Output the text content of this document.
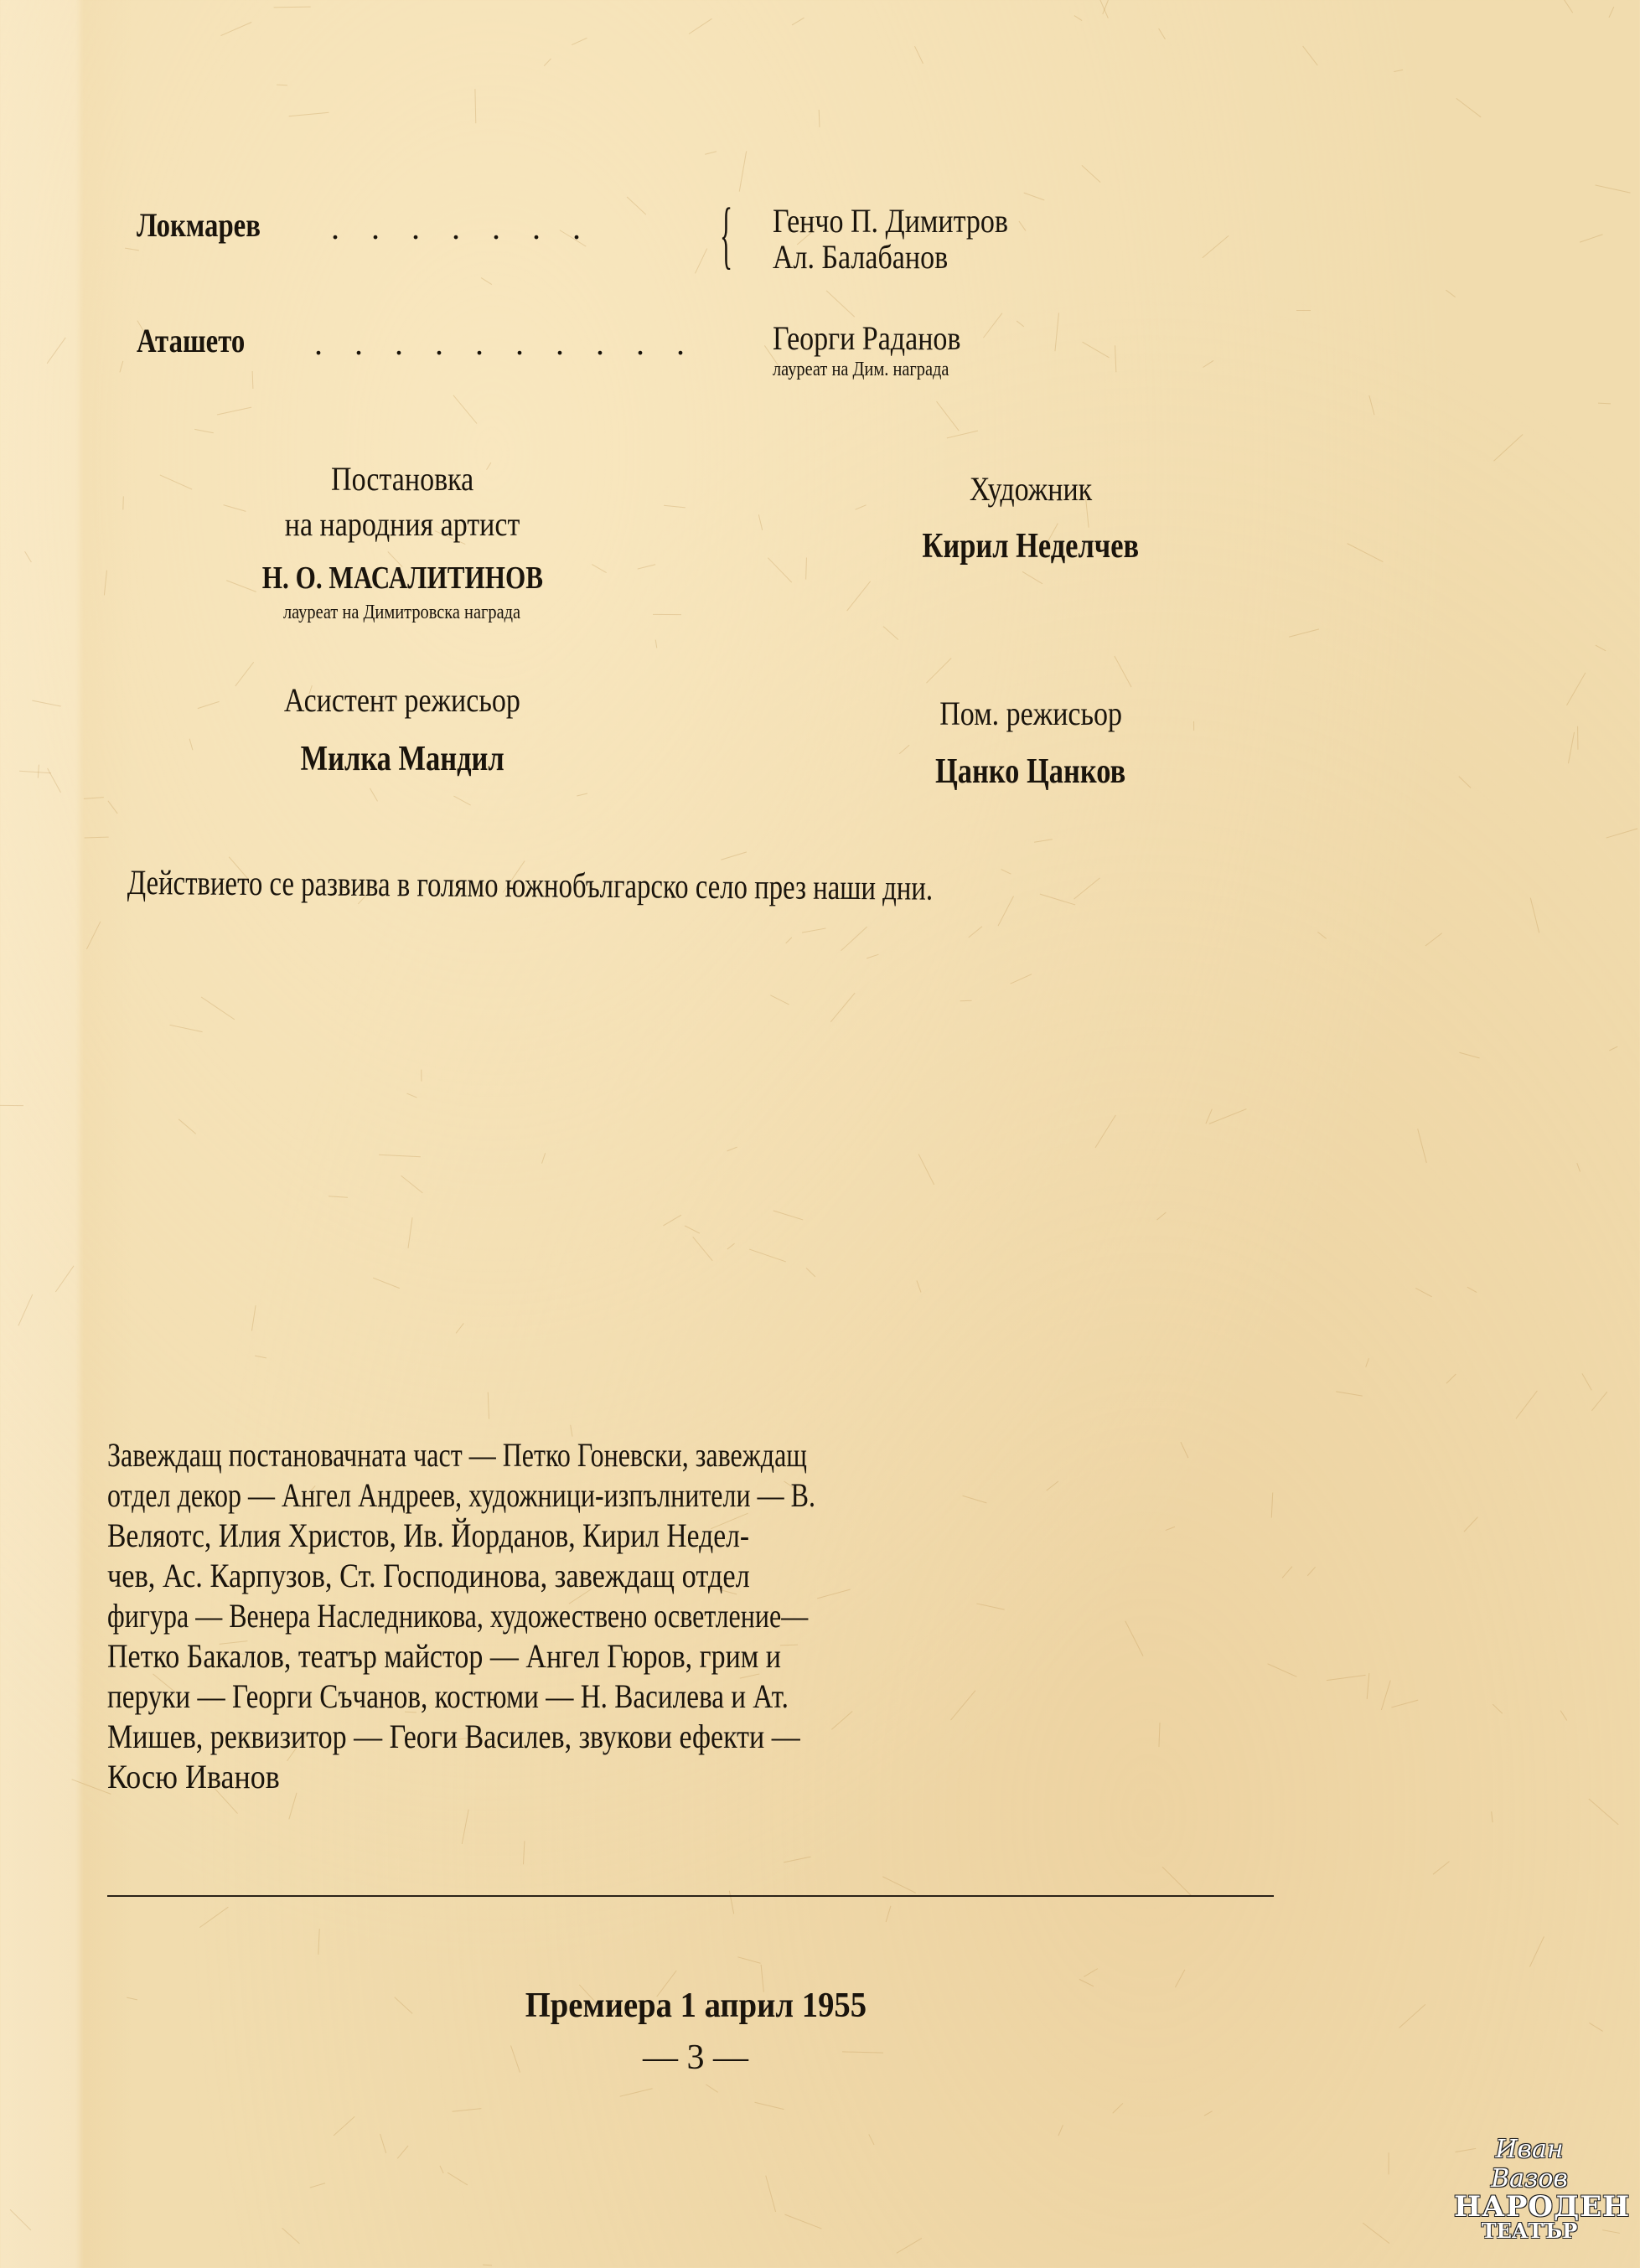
Локмарев	. . . . . . . { Генчо П. Димитров
Ал. Балабанов
Аташето	. . . . . . . . . . Георги Раданов
лауреат на Дим. награда
Постановка
на народния артист
Н. О. МАСАЛИТИНОВ
лауреат на Димитровска награда
Художник
Кирил Неделчев
Асистент режисьор
Милка Мандил
Пом. режисьор
Цанко Цанков
Действието се развива в голямо южнобългарско село през наши дни.
Завеждащ постановачната част — Петко Гоневски, завеждащ
отдел декор — Ангел Андреев, художници-изпълнители — В.
Веляотс, Илия Христов, Ив. Йорданов, Кирил Недел-
чев, Ас. Карпузов, Ст. Господинова, завеждащ отдел
фигура — Венера Наследникова, художествено осветление—
Петко Бакалов, театър майстор — Ангел Гюров, грим и
перуки — Георги Съчанов, костюми — Н. Василева и Ат.
Мишев, реквизитор — Геоги Василев, звукови ефекти —
Косю Иванов
Премиера 1 април 1955
— 3 —
Иван Вазов
НАРОДЕН
ТЕАТЪР
